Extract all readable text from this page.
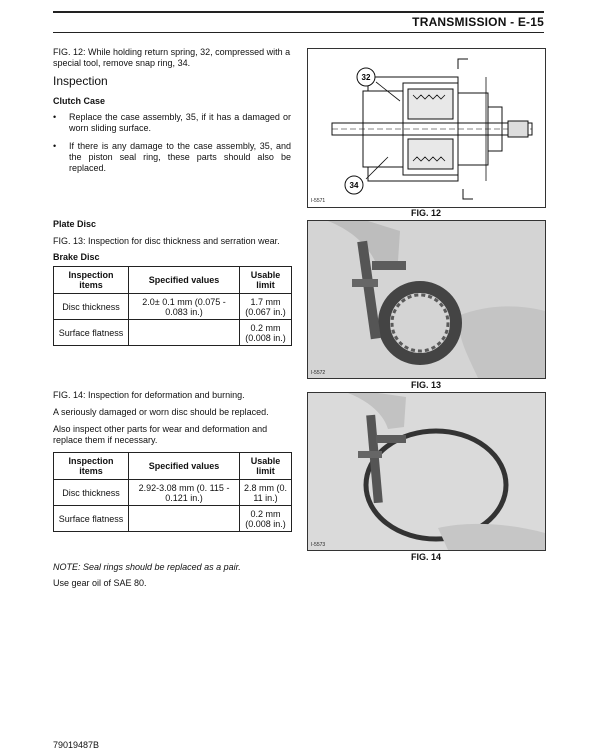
TRANSMISSION - E-15
FIG. 12: While holding return spring, 32, compressed with a special tool, remove snap ring, 34.
Inspection
Clutch Case
•	Replace the case assembly, 35, if it has a damaged or worn sliding surface.
•	If there is any damage to the case assembly, 35, and the piston seal ring, these parts should also be replaced.
Plate Disc
FIG. 13: Inspection for disc thickness and serration wear.
Brake Disc
Inspection items	Specified values	Usable limit
Disc thickness	2.0± 0.1 mm (0.075 - 0.083 in.)	1.7 mm (0.067 in.)
Surface flatness		0.2 mm (0.008 in.)
FIG. 14: Inspection for deformation and burning.
A seriously damaged or worn disc should be replaced.
Also inspect other parts for wear and deformation and replace them if necessary.
Inspection items	Specified values	Usable limit
Disc thickness	2.92-3.08 mm (0. 115 - 0.121 in.)	2.8 mm (0. 11 in.)
Surface flatness		0.2 mm (0.008 in.)
NOTE: Seal rings should be replaced as a pair.
Use gear oil of SAE 80.
32
34
I-5571
FIG. 12
I-5572
FIG. 13
I-5573
FIG. 14
79019487B
